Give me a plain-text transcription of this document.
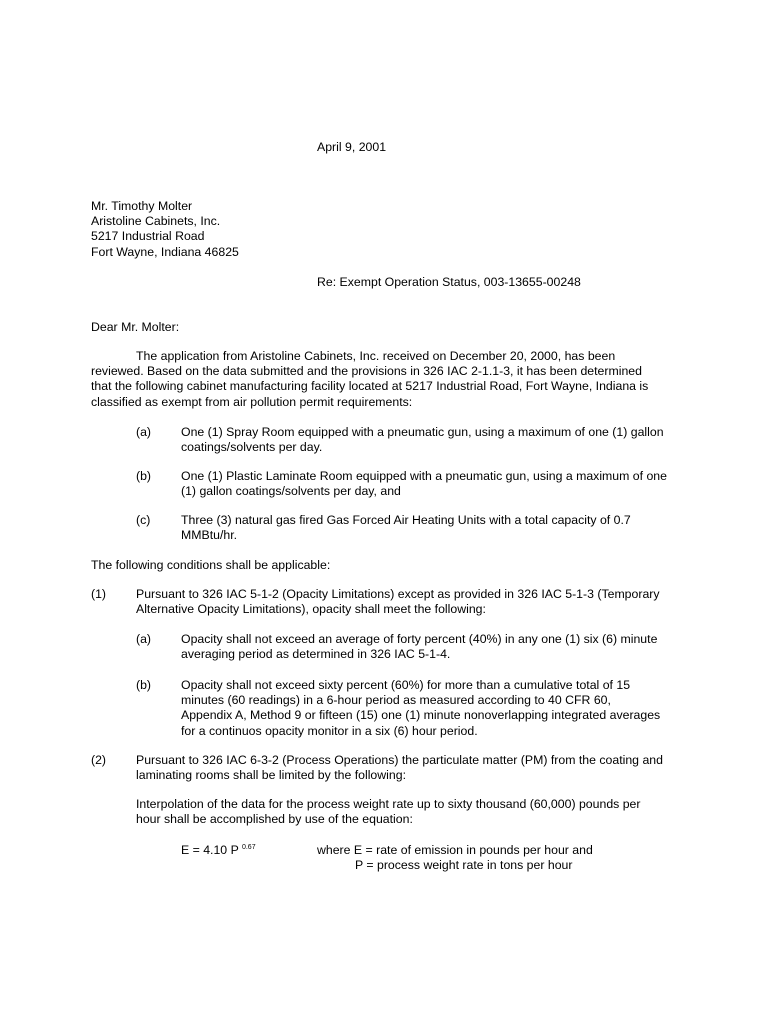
April 9, 2001
Mr. Timothy Molter
Aristoline Cabinets, Inc.
5217 Industrial Road
Fort Wayne, Indiana 46825
Re: Exempt Operation Status, 003-13655-00248
Dear Mr. Molter:
The application from Aristoline Cabinets, Inc. received on December 20, 2000, has been
reviewed. Based on the data submitted and the provisions in 326 IAC 2-1.1-3, it has been determined
that the following cabinet manufacturing facility located at 5217 Industrial Road, Fort Wayne, Indiana is
classified as exempt from air pollution permit requirements:
(a) One (1) Spray Room equipped with a pneumatic gun, using a maximum of one (1) gallon
coatings/solvents per day.
(b) One (1) Plastic Laminate Room equipped with a pneumatic gun, using a maximum of one
(1) gallon coatings/solvents per day, and
(c) Three (3) natural gas fired Gas Forced Air Heating Units with a total capacity of 0.7
MMBtu/hr.
The following conditions shall be applicable:
(1) Pursuant to 326 IAC 5-1-2 (Opacity Limitations) except as provided in 326 IAC 5-1-3 (Temporary
Alternative Opacity Limitations), opacity shall meet the following:
(a) Opacity shall not exceed an average of forty percent (40%) in any one (1) six (6) minute
averaging period as determined in 326 IAC 5-1-4.
(b) Opacity shall not exceed sixty percent (60%) for more than a cumulative total of 15
minutes (60 readings) in a 6-hour period as measured according to 40 CFR 60,
Appendix A, Method 9 or fifteen (15) one (1) minute nonoverlapping integrated averages
for a continuos opacity monitor in a six (6) hour period.
(2) Pursuant to 326 IAC 6-3-2 (Process Operations) the particulate matter (PM) from the coating and
laminating rooms shall be limited by the following:
Interpolation of the data for the process weight rate up to sixty thousand (60,000) pounds per
hour shall be accomplished by use of the equation:
E = 4.10 P $^{0.67}$	where E = rate of emission in pounds per hour and
P = process weight rate in tons per hour
